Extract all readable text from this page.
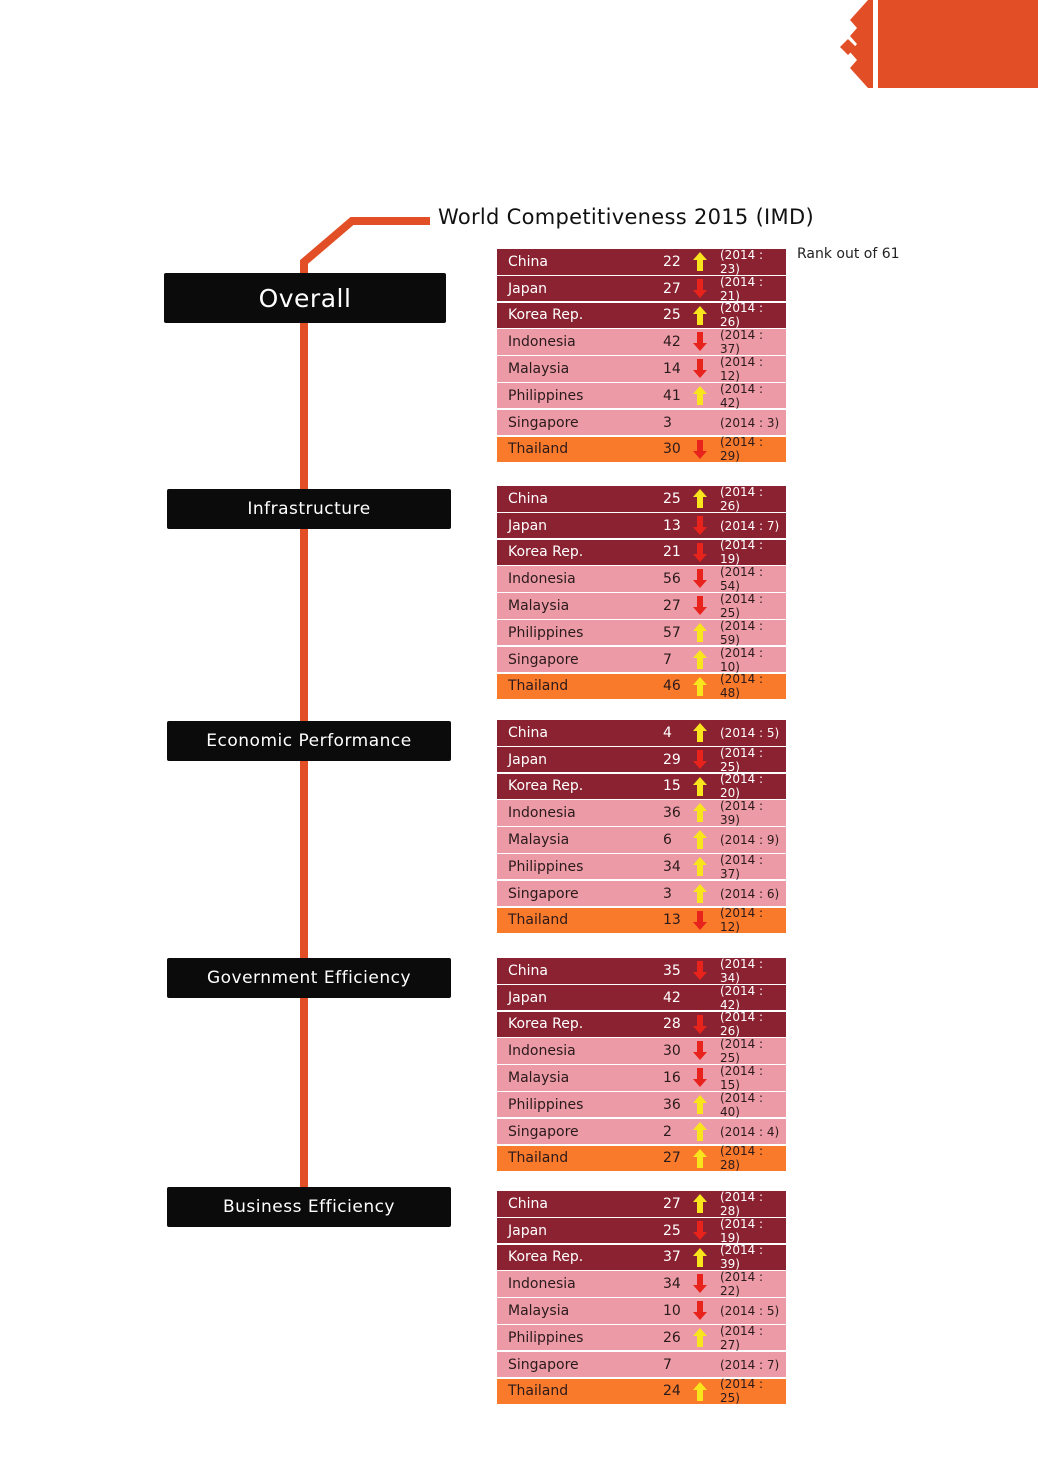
World Competitiveness 2015 (IMD)
Rank out of 61
Overall
Infrastructure
Economic Performance
Government Efficiency
Business Efficiency
China	22	(2014 : 23)
Japan	27	(2014 : 21)
Korea Rep.	25	(2014 : 26)
Indonesia	42	(2014 : 37)
Malaysia	14	(2014 : 12)
Philippines	41	(2014 : 42)
Singapore	3	(2014 : 3)
Thailand	30	(2014 : 29)
China	25	(2014 : 26)
Japan	13	(2014 : 7)
Korea Rep.	21	(2014 : 19)
Indonesia	56	(2014 : 54)
Malaysia	27	(2014 : 25)
Philippines	57	(2014 : 59)
Singapore	7	(2014 : 10)
Thailand	46	(2014 : 48)
China	4	(2014 : 5)
Japan	29	(2014 : 25)
Korea Rep.	15	(2014 : 20)
Indonesia	36	(2014 : 39)
Malaysia	6	(2014 : 9)
Philippines	34	(2014 : 37)
Singapore	3	(2014 : 6)
Thailand	13	(2014 : 12)
China	35	(2014 : 34)
Japan	42	(2014 : 42)
Korea Rep.	28	(2014 : 26)
Indonesia	30	(2014 : 25)
Malaysia	16	(2014 : 15)
Philippines	36	(2014 : 40)
Singapore	2	(2014 : 4)
Thailand	27	(2014 : 28)
China	27	(2014 : 28)
Japan	25	(2014 : 19)
Korea Rep.	37	(2014 : 39)
Indonesia	34	(2014 : 22)
Malaysia	10	(2014 : 5)
Philippines	26	(2014 : 27)
Singapore	7	(2014 : 7)
Thailand	24	(2014 : 25)
